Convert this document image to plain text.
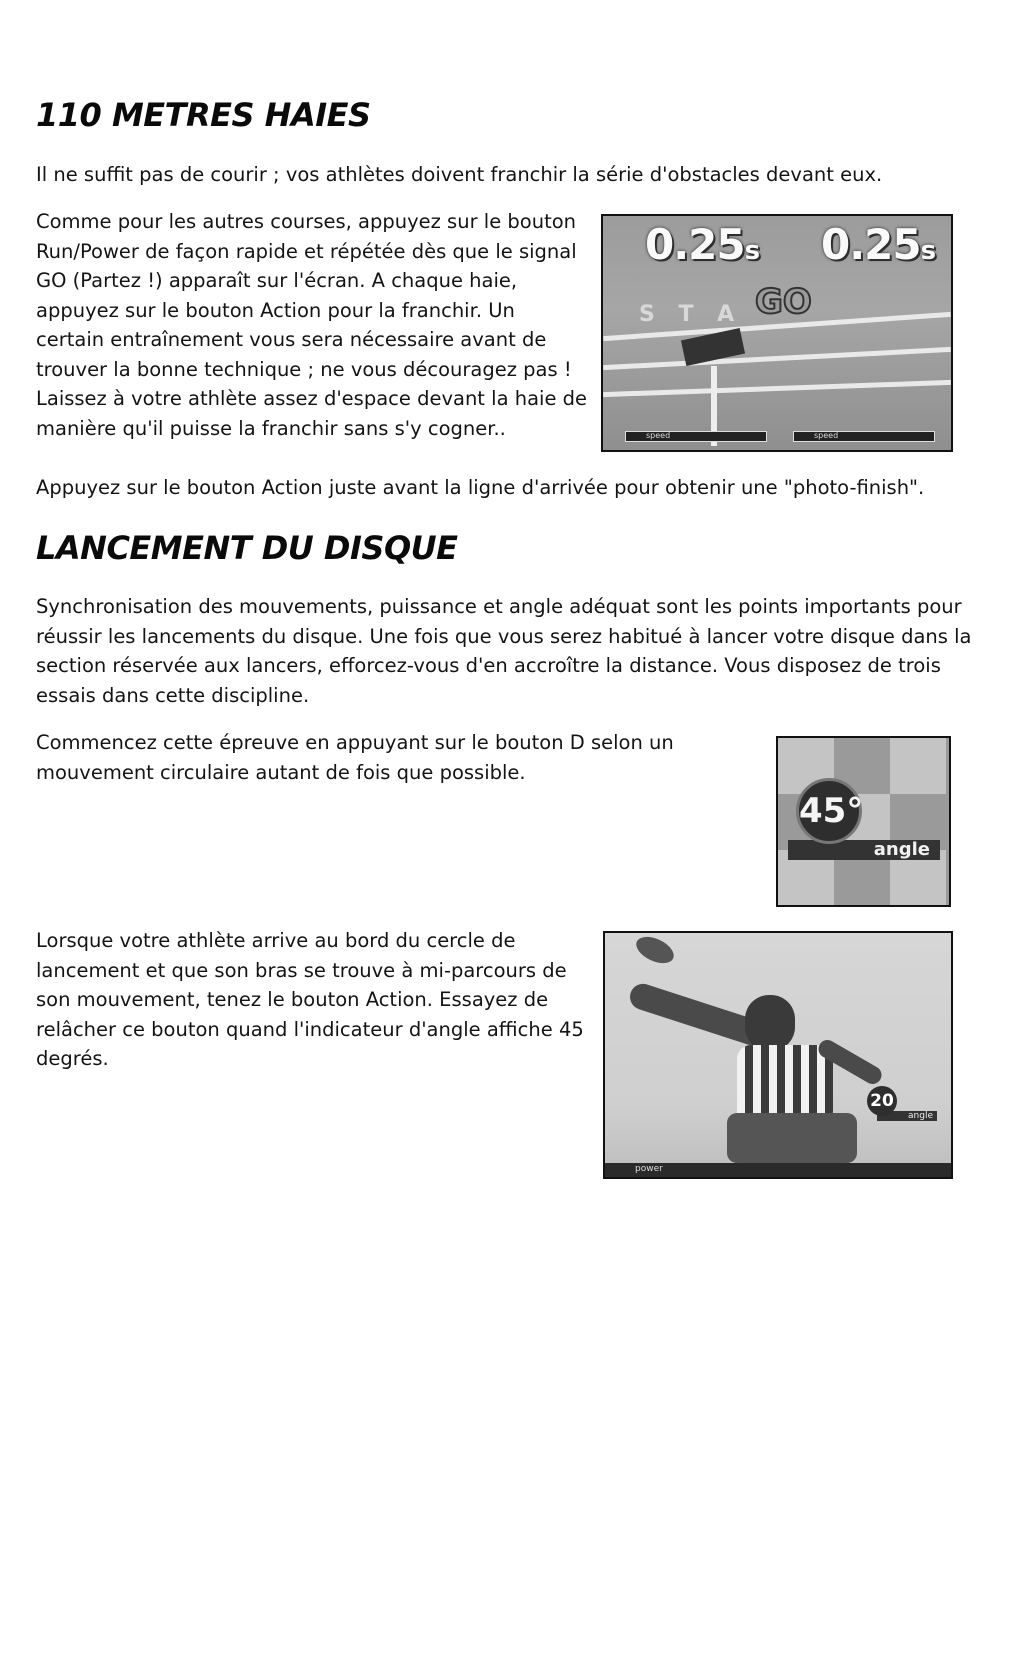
110 METRES HAIES

Il ne suffit pas de courir ; vos athlètes doivent franchir la série d'obstacles devant eux.

Comme pour les autres courses, appuyez sur le bouton
Run/Power de façon rapide et répétée dès que le signal
GO (Partez !) apparaît sur l'écran. A chaque haie,
appuyez sur le bouton Action pour la franchir. Un
certain entraînement vous sera nécessaire avant de
trouver la bonne technique ; ne vous découragez pas !
Laissez à votre athlète assez d'espace devant la haie de
manière qu'il puisse la franchir sans s'y cogner..
S T A
0.25s 0.25s
GO
speed	speed

Appuyez sur le bouton Action juste avant la ligne d'arrivée pour obtenir une "photo-finish".

LANCEMENT DU DISQUE
Synchronisation des mouvements, puissance et angle adéquat sont les points importants pour
réussir les lancements du disque. Une fois que vous serez habitué à lancer votre disque dans la
section réservée aux lancers, efforcez-vous d'en accroître la distance. Vous disposez de trois
essais dans cette discipline.
Commencez cette épreuve en appuyant sur le bouton D selon un
mouvement circulaire autant de fois que possible.
angle
45°
Lorsque votre athlète arrive au bord du cercle de
lancement et que son bras se trouve à mi-parcours de
son mouvement, tenez le bouton Action. Essayez de
relâcher ce bouton quand l'indicateur d'angle affiche 45
degrés.
angle
20
power
